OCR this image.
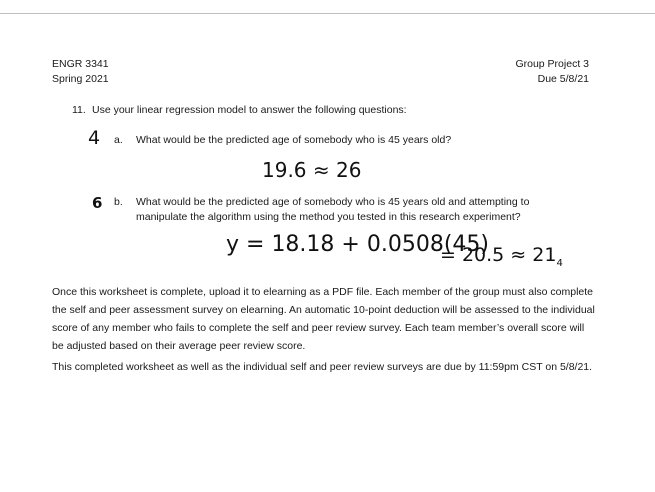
ENGR 3341
Spring 2021
Group Project 3
Due 5/8/21
11. Use your linear regression model to answer the following questions:
4 a. What would be the predicted age of somebody who is 45 years old?
19.6 ≈ 26
6 b. What would be the predicted age of somebody who is 45 years old and attempting to
manipulate the algorithm using the method you tested in this research experiment?
y = 18.18 + 0.0508(45)
= $20.5 \approx 21_4$
Once this worksheet is complete, upload it to elearning as a PDF file. Each member of the group must also complete the self and peer assessment survey on elearning. An automatic 10-point deduction will be assessed to the individual score of any member who fails to complete the self and peer review survey. Each team member’s overall score will be adjusted based on their average peer review score.
This completed worksheet as well as the individual self and peer review surveys are due by 11:59pm CST on 5/8/21.
